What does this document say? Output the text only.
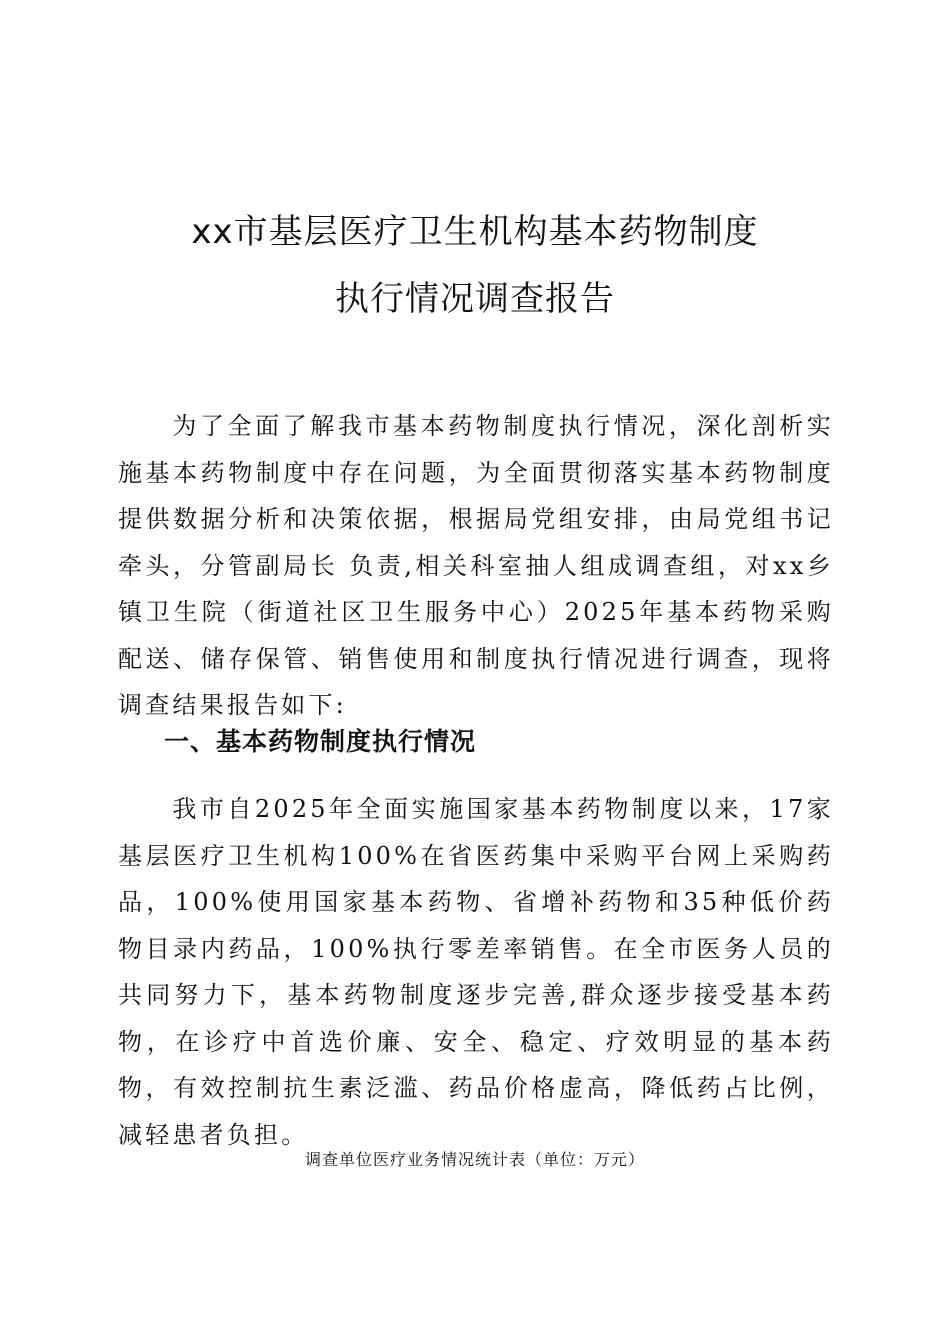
xx市基层医疗卫生机构基本药物制度
执行情况调查报告
为了全面了解我市基本药物制度执行情况，深化剖析实施基本药物制度中存在问题，为全面贯彻落实基本药物制度提供数据分析和决策依据，根据局党组安排，由局党组书记 牵头，分管副局长 负责,相关科室抽人组成调查组，对xx乡镇卫生院（街道社区卫生服务中心）2025年基本药物采购配送、储存保管、销售使用和制度执行情况进行调查，现将调查结果报告如下:
一、基本药物制度执行情况
我市自2025年全面实施国家基本药物制度以来，17家基层医疗卫生机构100%在省医药集中采购平台网上采购药品，100%使用国家基本药物、省增补药物和35种低价药物目录内药品，100%执行零差率销售。在全市医务人员的共同努力下，基本药物制度逐步完善,群众逐步接受基本药物，在诊疗中首选价廉、安全、稳定、疗效明显的基本药物，有效控制抗生素泛滥、药品价格虚高，降低药占比例，减轻患者负担。
调查单位医疗业务情况统计表（单位：万元）
